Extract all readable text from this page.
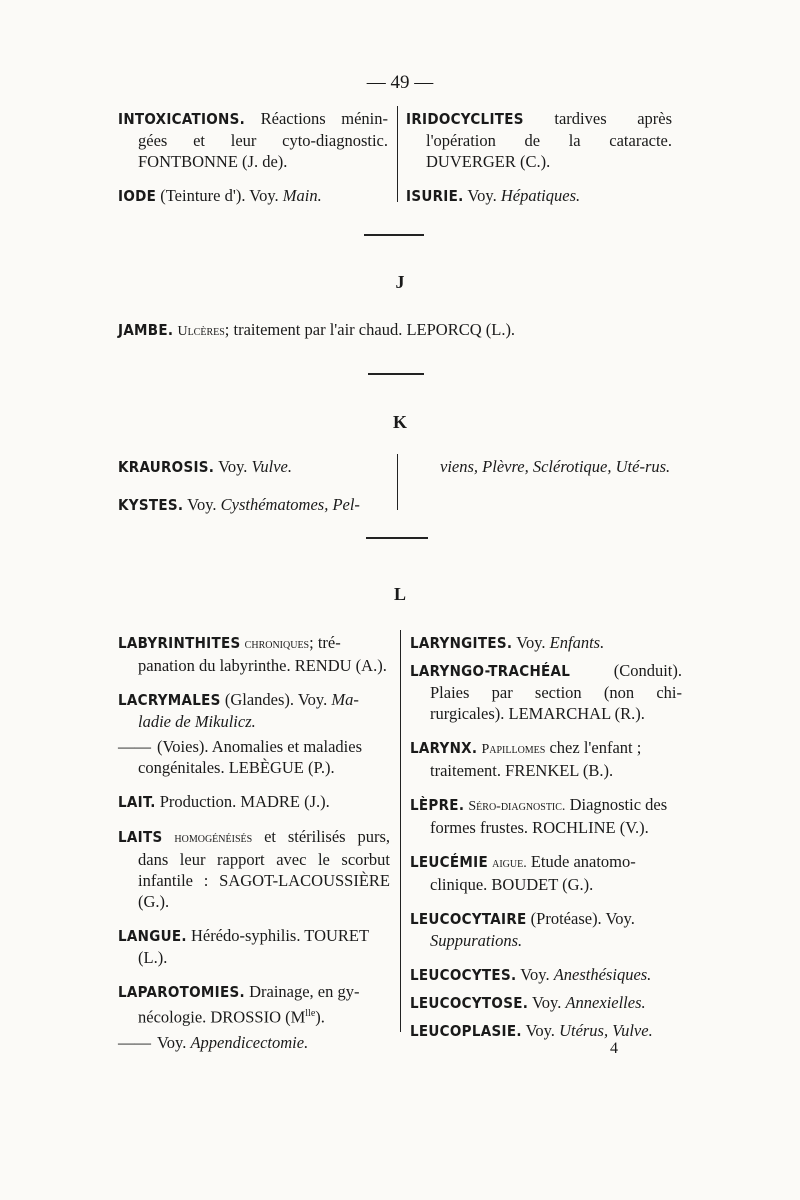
— 49 —
INTOXICATIONS. Réactions ménin-gées et leur cyto-diagnostic. FONTBONNE (J. de).
IODE (Teinture d'). Voy. Main.
IRIDOCYCLITES tardives après l'opération de la cataracte. DUVERGER (C.).
ISURIE. Voy. Hépatiques.
J
JAMBE. Ulcères; traitement par l'air chaud. LEPORCQ (L.).
K
KRAUROSIS. Voy. Vulve.
KYSTES. Voy. Cysthématomes, Pel-
viens, Plèvre, Sclérotique, Uté-rus.
L
LABYRINTHITES chroniques; tré-panation du labyrinthe. RENDU (A.).
LACRYMALES (Glandes). Voy. Ma-ladie de Mikulicz.
—— (Voies). Anomalies et maladies congénitales. LEBÈGUE (P.).
LAIT. Production. MADRE (J.).
LAITS homogénéisés et stérilisés purs, dans leur rapport avec le scorbut infantile : SAGOT-LACOUSSIÈRE (G.).
LANGUE. Hérédo-syphilis. TOURET (L.).
LAPAROTOMIES. Drainage, en gy-nécologie. DROSSIO $(M^{lle})$.
—— Voy. Appendicectomie.
LARYNGITES. Voy. Enfants.
LARYNGO-TRACHÉAL	(Conduit). Plaies par section (non chi-rurgicales). LEMARCHAL (R.).
LARYNX. Papillomes chez l'enfant ; traitement. FRENKEL (B.).
LÈPRE. Séro-diagnostic. Diagnostic des formes frustes. ROCHLINE (V.).
LEUCÉMIE aigue. Etude anatomo-clinique. BOUDET (G.).
LEUCOCYTAIRE (Protéase). Voy. Suppurations.
LEUCOCYTES. Voy. Anesthésiques.
LEUCOCYTOSE. Voy. Annexielles.
LEUCOPLASIE. Voy. Utérus, Vulve.
4
